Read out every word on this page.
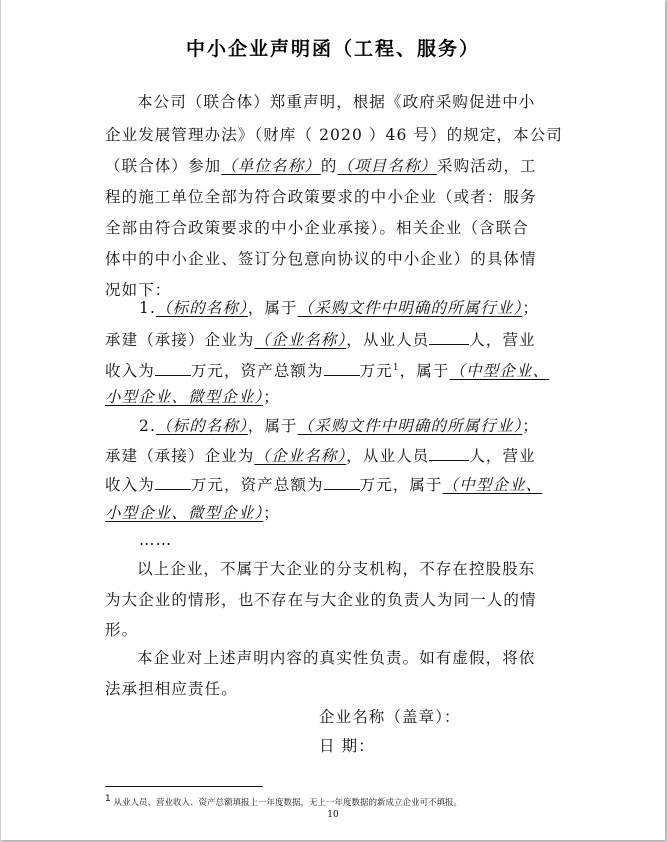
中小企业声明函（工程、服务）
本公司（联合体）郑重声明，根据《政府采购促进中小
企业发展管理办法》（财库（ 2020 ）46 号）的规定，本公司
（联合体）参加（单位名称）的（项目名称）采购活动，工
程的施工单位全部为符合政策要求的中小企业（或者：服务
全部由符合政策要求的中小企业承接）。相关企业（含联合
体中的中小企业、签订分包意向协议的中小企业）的具体情
况如下：
1.（标的名称），属于（采购文件中明确的所属行业）；
承建（承接）企业为（企业名称），从业人员	人，营业
收入为 万元，资产总额为 万元$^1$，属于（中型企业、
小型企业、微型企业）；
2.（标的名称），属于（采购文件中明确的所属行业）；
承建（承接）企业为（企业名称），从业人员	人，营业
收入为 万元，资产总额为 万元，属于（中型企业、
小型企业、微型企业）；
……
以上企业，不属于大企业的分支机构，不存在控股股东
为大企业的情形，也不存在与大企业的负责人为同一人的情
形。
本企业对上述声明内容的真实性负责。如有虚假，将依
法承担相应责任。
企业名称（盖章）：
日 期：
1 从业人员、营业收入、资产总额填报上一年度数据，无上一年度数据的新成立企业可不填报。
10
